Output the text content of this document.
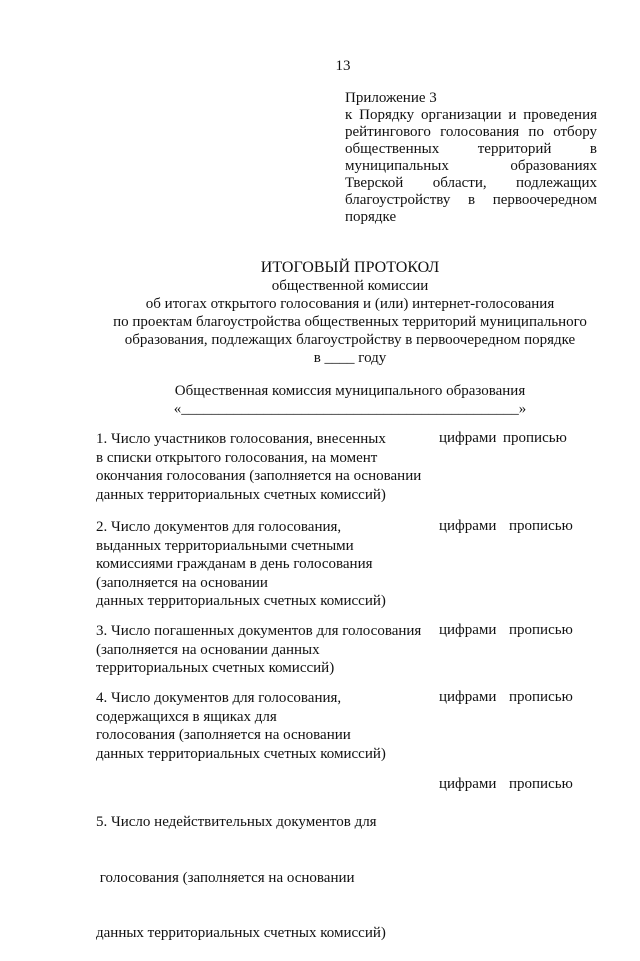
13
Приложение 3
к Порядку организации и проведения рейтингового голосования по отбору общественных территорий в муниципальных образованиях Тверской области, подлежащих благоустройству в первоочередном порядке
ИТОГОВЫЙ ПРОТОКОЛ
общественной комиссии
об итогах открытого голосования и (или) интернет-голосования
по проектам благоустройства общественных территорий муниципального
образования, подлежащих благоустройству в первоочередном порядке
в ____ году
Общественная комиссия муниципального образования
«_____________________________________________»
1. Число участников голосования, внесенных
в списки открытого голосования, на момент
окончания голосования (заполняется на основании
данных территориальных счетных комиссий)
цифрами прописью
2. Число документов для голосования,
выданных территориальными счетными
комиссиями гражданам в день голосования
(заполняется на основании
данных территориальных счетных комиссий)
цифрами прописью
3. Число погашенных документов для голосования
(заполняется на основании данных
территориальных счетных комиссий)
цифрами прописью
4. Число документов для голосования,
содержащихся в ящиках для
голосования (заполняется на основании
данных территориальных счетных комиссий)
цифрами прописью

5. Число недействительных документов для

голосования (заполняется на основании

данных территориальных счетных комиссий)

цифрами прописью
